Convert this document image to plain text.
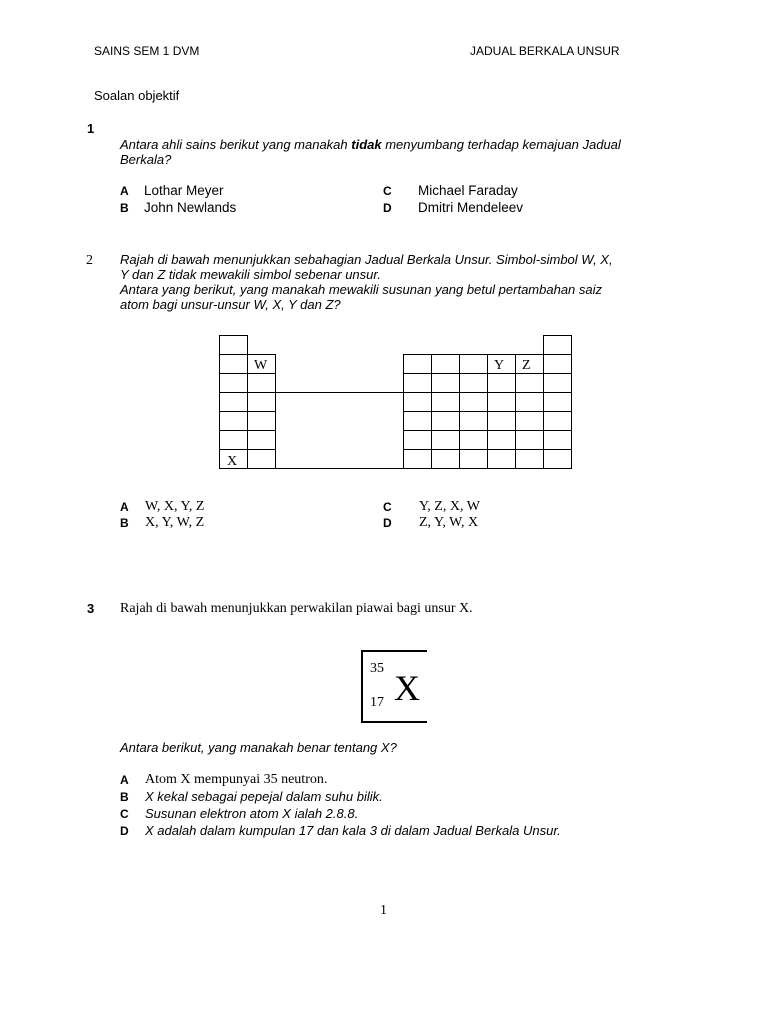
SAINS SEM 1 DVM	JADUAL BERKALA UNSUR
Soalan objektif
1
Antara ahli sains berikut yang manakah tidak menyumbang terhadap kemajuan Jadual
Berkala?
A Lothar Meyer
B John Newlands
C Michael Faraday
D Dmitri Mendeleev
2 Rajah di bawah menunjukkan sebahagian Jadual Berkala Unsur. Simbol-simbol W, X,
Y dan Z tidak mewakili simbol sebenar unsur.
Antara yang berikut, yang manakah mewakili susunan yang betul pertambahan saiz
atom bagi unsur-unsur W, X, Y dan Z?
W
X
Y Z
A W, X, Y, Z
B X, Y, W, Z
C Y, Z, X, W
D Z, Y, W, X
3 Rajah di bawah menunjukkan perwakilan piawai bagi unsur X.
35
17 X
Antara berikut, yang manakah benar tentang X?
A Atom X mempunyai 35 neutron.
B X kekal sebagai pepejal dalam suhu bilik.
C Susunan elektron atom X ialah 2.8.8.
D X adalah dalam kumpulan 17 dan kala 3 di dalam Jadual Berkala Unsur.
1
